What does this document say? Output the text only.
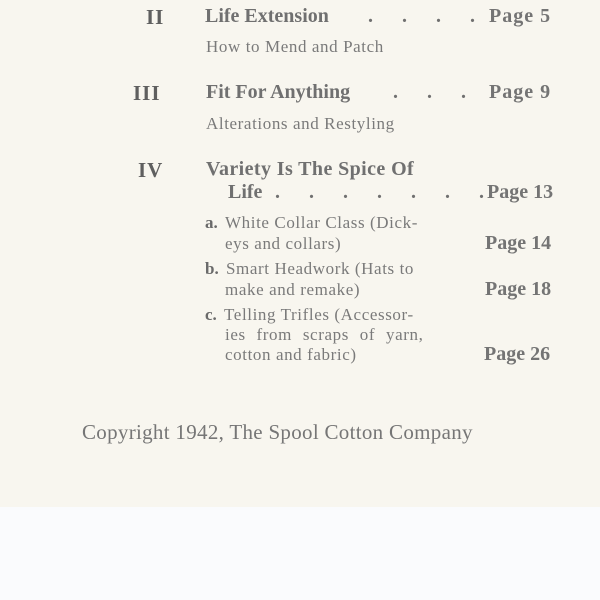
II Life Extension . . . . Page 5
How to Mend and Patch
III Fit For Anything . . . Page 9
Alterations and Restyling
IV Variety Is The Spice Of
Life . . . . . . .
Page 13
a. White Collar Class (Dick-
eys and collars)	Page 14
b. Smart Headwork (Hats to
make and remake)	Page 18
c. Telling Trifles (Accessor-
ies from scraps of yarn,
cotton and fabric)	Page 26
Copyright 1942, The Spool Cotton Company
